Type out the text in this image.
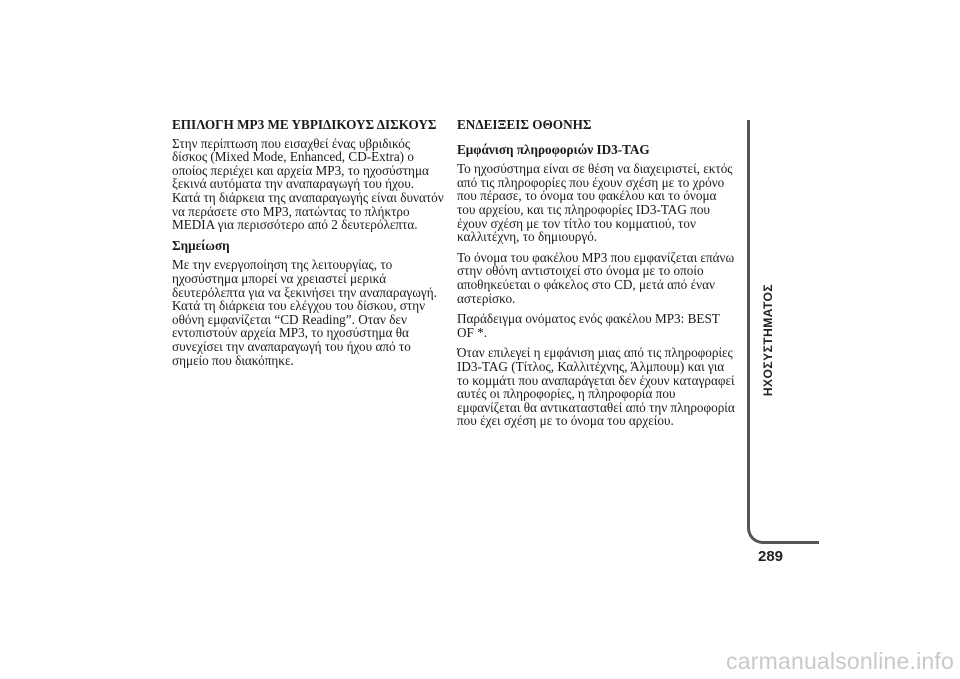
ΕΠΙΛΟΓΗ MP3 ΜΕ ΥΒΡΙΔΙΚΟΥΣ ΔΙΣΚΟΥΣ

Στην περίπτωση που εισαχθεί ένας υβριδικός δίσκος (Mixed Mode, Enhanced, CD-Extra) ο οποίος περιέχει και αρχεία MP3, το ηχοσύστημα ξεκινά αυτόματα την αναπαραγωγή του ήχου. Κατά τη διάρκεια της αναπαραγωγής είναι δυνατόν να περάσετε στο MP3, πατώντας το πλήκτρο MEDIA για περισσότερο από 2 δευτερόλεπτα.

Σημείωση

Με την ενεργοποίηση της λειτουργίας, το ηχοσύστημα μπορεί να χρειαστεί μερικά δευτερόλεπτα για να ξεκινήσει την αναπαραγωγή. Κατά τη διάρκεια του ελέγχου του δίσκου, στην οθόνη εμφανίζεται “CD Reading”. Οταν δεν εντοπιστούν αρχεία MP3, το ηχοσύστημα θα συνεχίσει την αναπαραγωγή του ήχου από το σημείο που διακόπηκε.

ΕΝΔΕΙΞΕΙΣ ΟΘΟΝΗΣ
Εμφάνιση πληροφοριών ID3-TAG

Το ηχοσύστημα είναι σε θέση να διαχειριστεί, εκτός από τις πληροφορίες που έχουν σχέση με το χρόνο που πέρασε, το όνομα του φακέλου και το όνομα του αρχείου, και τις πληροφορίες ID3-TAG που έχουν σχέση με τον τίτλο του κομματιού, τον καλλιτέχνη, το δημιουργό.

Το όνομα του φακέλου MP3 που εμφανίζεται επάνω στην οθόνη αντιστοιχεί στο όνομα με το οποίο αποθηκεύεται ο φάκελος στο CD, μετά από έναν αστερίσκο.

Παράδειγμα ονόματος ενός φακέλου MP3: BEST OF *.

Όταν επιλεγεί η εμφάνιση μιας από τις πληροφορίες ID3-TAG (Τίτλος, Καλλιτέχνης, Άλμπουμ) και για το κομμάτι που αναπαράγεται δεν έχουν καταγραφεί αυτές οι πληροφορίες, η πληροφορία που εμφανίζεται θα αντικατασταθεί από την πληροφορία που έχει σχέση με το όνομα του αρχείου.

ΗΧΟΣΥΣΤΗΜΑΤΟΣ
289
carmanualsonline.info
